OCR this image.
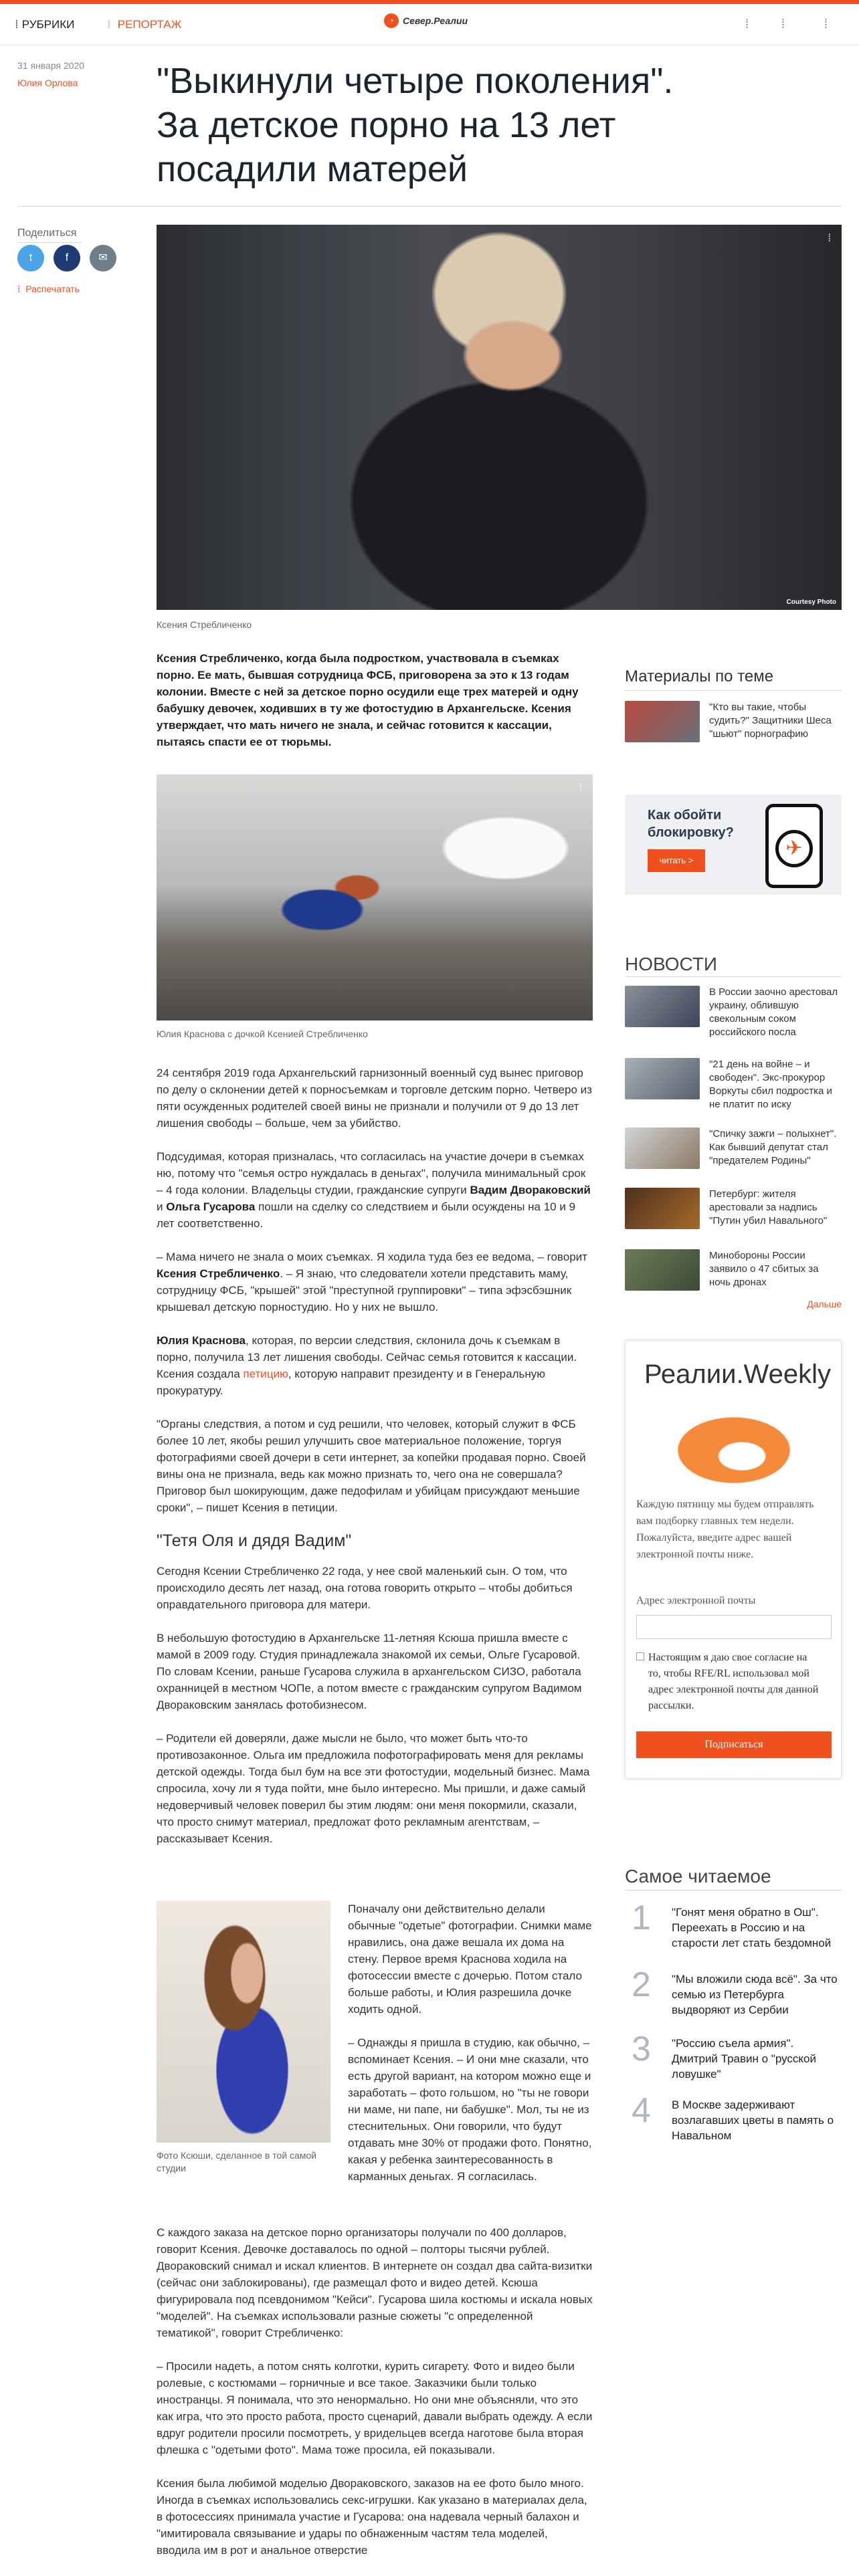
⁞ РУБРИКИ	⁞ РЕПОРТАЖ	◔ Север.Реалии	⁞	⁞	⁞
31 января 2020
Юлия Орлова "Выкинули четыре поколения". За детское порно на 13 лет посадили матерей
Поделиться
t	f	✉
⁞ Распечатать
Courtesy Photo
⁞
Ксения Стребличенко
Ксения Стребличенко, когда была подростком, участвовала в съемках порно. Ее мать, бывшая сотрудница ФСБ, приговорена за это к 13 годам колонии. Вместе с ней за детское порно осудили еще трех матерей и одну бабушку девочек, ходивших в ту же фотостудию в Архангельске. Ксения утверждает, что мать ничего не знала, и сейчас готовится к кассации, пытаясь спасти ее от тюрьмы.
⁞
Юлия Краснова с дочкой Ксенией Стребличенко

24 сентября 2019 года Архангельский гарнизонный военный суд вынес приговор по делу о склонении детей к порносъемкам и торговле детским порно. Четверо из пяти осужденных родителей своей вины не признали и получили от 9 до 13 лет лишения свободы – больше, чем за убийство.

Подсудимая, которая призналась, что согласилась на участие дочери в съемках ню, потому что "семья остро нуждалась в деньгах", получила минимальный срок – 4 года колонии. Владельцы студии, гражданские супруги Вадим Двораковский и Ольга Гусарова пошли на сделку со следствием и были осуждены на 10 и 9 лет соответственно.

– Мама ничего не знала о моих съемках. Я ходила туда без ее ведома, – говорит Ксения Стребличенко. – Я знаю, что следователи хотели представить маму, сотрудницу ФСБ, "крышей" этой "преступной группировки" – типа эфэсбэшник крышевал детскую порностудию. Но у них не вышло.

Юлия Краснова, которая, по версии следствия, склонила дочь к съемкам в порно, получила 13 лет лишения свободы. Сейчас семья готовится к кассации. Ксения создала петицию, которую направит президенту и в Генеральную прокуратуру.

"Органы следствия, а потом и суд решили, что человек, который служит в ФСБ более 10 лет, якобы решил улучшить свое материальное положение, торгуя фотографиями своей дочери в сети интернет, за копейки продавая порно. Своей вины она не признала, ведь как можно признать то, чего она не совершала? Приговор был шокирующим, даже педофилам и убийцам присуждают меньшие сроки", – пишет Ксения в петиции.

"Тетя Оля и дядя Вадим"

Сегодня Ксении Стребличенко 22 года, у нее свой маленький сын. О том, что происходило десять лет назад, она готова говорить открыто – чтобы добиться оправдательного приговора для матери.

В небольшую фотостудию в Архангельске 11-летняя Ксюша пришла вместе с мамой в 2009 году. Студия принадлежала знакомой их семьи, Ольге Гусаровой. По словам Ксении, раньше Гусарова служила в архангельском СИЗО, работала охранницей в местном ЧОПе, а потом вместе с гражданским супругом Вадимом Двораковским занялась фотобизнесом.

– Родители ей доверяли, даже мысли не было, что может быть что-то противозаконное. Ольга им предложила пофотографировать меня для рекламы детской одежды. Тогда был бум на все эти фотостудии, модельный бизнес. Мама спросила, хочу ли я туда пойти, мне было интересно. Мы пришли, и даже самый недоверчивый человек поверил бы этим людям: они меня покормили, сказали, что просто снимут материал, предложат фото рекламным агентствам, – рассказывает Ксения.

Фото Ксюши, сделанное в той самой студии

Поначалу они действительно делали обычные "одетые" фотографии. Снимки маме нравились, она даже вешала их дома на стену. Первое время Краснова ходила на фотосессии вместе с дочерью. Потом стало больше работы, и Юлия разрешила дочке ходить одной.

– Однажды я пришла в студию, как обычно, – вспоминает Ксения. – И они мне сказали, что есть другой вариант, на котором можно еще и заработать – фото гольшом, но "ты не говори ни маме, ни папе, ни бабушке". Мол, ты не из стеснительных. Они говорили, что будут отдавать мне 30% от продажи фото. Понятно, какая у ребенка заинтересованность в карманных деньгах. Я согласилась.

С каждого заказа на детское порно организаторы получали по 400 долларов, говорит Ксения. Девочке доставалось по одной – полторы тысячи рублей. Двораковский снимал и искал клиентов. В интернете он создал два сайта-визитки (сейчас они заблокированы), где размещал фото и видео детей. Ксюша фигурировала под псевдонимом "Кейси". Гусарова шила костюмы и искала новых "моделей". На съемках использовали разные сюжеты "с определенной тематикой", говорит Стребличенко:

– Просили надеть, а потом снять колготки, курить сигарету. Фото и видео были ролевые, с костюмами – горничные и все такое. Заказчики были только иностранцы. Я понимала, что это ненормально. Но они мне объясняли, что это как игра, что это просто работа, просто сценарий, давали выбрать одежду. А если вдруг родители просили посмотреть, у вридельцев всегда наготове была вторая флешка с "одетыми фото". Мама тоже просила, ей показывали.

Ксения была любимой моделью Двораковского, заказов на ее фото было много. Иногда в съемках использовались секс-игрушки. Как указано в материалах дела, в фотосессиях принимала участие и Гусарова: она надевала черный балахон и "имитировала связывание и удары по обнаженным частям тела моделей, вводила им в рот и анальное отверстие

Материалы по теме
"Кто вы такие, чтобы судить?" Защитники Шеса "шьют" порнографию
Как обойти блокировку?
читать >
✈
НОВОСТИ
В России заочно арестовал украину, облившую свекольным соком российского посла
"21 день на войне – и свободен". Экс-прокурор Воркуты сбил подростка и не платит по иску
"Спичку зажги – полыхнет". Как бывший депутат стал "предателем Родины"
Петербург: жителя арестовали за надпись "Путин убил Навального"
Минобороны России заявило о 47 сбитых за ночь дронах
Дальше
Реалии.Weekly
Каждую пятницу мы будем отправлять вам подборку главных тем недели. Пожалуйста, введите адрес вашей электронной почты ниже.
Адрес электронной почты
Настоящим я даю свое согласие на то, чтобы RFE/RL использовал мой адрес электронной почты для данной рассылки.
Подписаться
Самое читаемое
1 "Гонят меня обратно в Ош". Переехать в Россию и на старости лет стать бездомной
2 "Мы вложили сюда всё". За что семью из Петербурга выдворяют из Сербии
3 "Россию съела армия". Дмитрий Травин о "русской ловушке"
4 В Москве задерживают возлагавших цветы в память о Навальном
